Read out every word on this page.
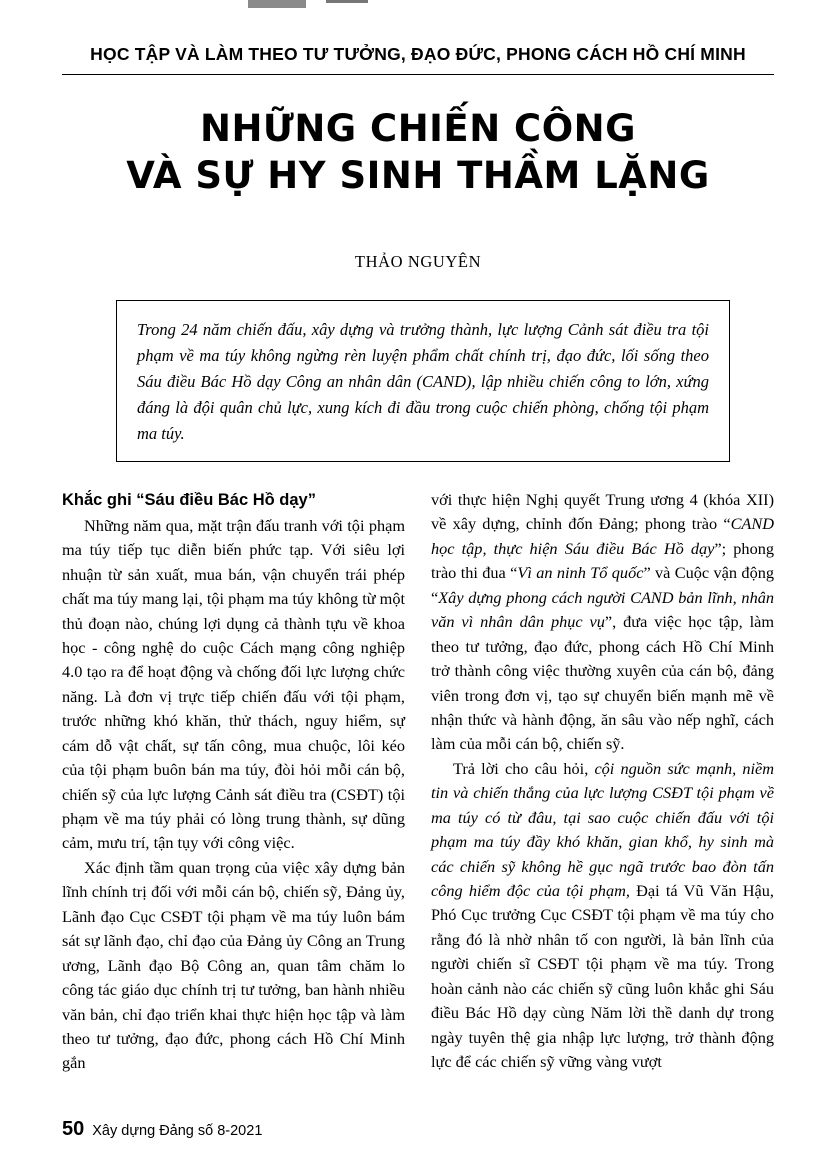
HỌC TẬP VÀ LÀM THEO TƯ TƯỞNG, ĐẠO ĐỨC, PHONG CÁCH HỒ CHÍ MINH
NHỮNG CHIẾN CÔNG
VÀ SỰ HY SINH THẦM LẶNG
THẢO NGUYÊN

Trong 24 năm chiến đấu, xây dựng và trưởng thành, lực lượng Cảnh sát điều tra tội phạm về ma túy không ngừng rèn luyện phẩm chất chính trị, đạo đức, lối sống theo Sáu điều Bác Hồ dạy Công an nhân dân (CAND), lập nhiều chiến công to lớn, xứng đáng là đội quân chủ lực, xung kích đi đầu trong cuộc chiến phòng, chống tội phạm ma túy.

Khắc ghi “Sáu điều Bác Hồ dạy”

Những năm qua, mặt trận đấu tranh với tội phạm ma túy tiếp tục diễn biến phức tạp. Với siêu lợi nhuận từ sản xuất, mua bán, vận chuyển trái phép chất ma túy mang lại, tội phạm ma túy không từ một thủ đoạn nào, chúng lợi dụng cả thành tựu về khoa học - công nghệ do cuộc Cách mạng công nghiệp 4.0 tạo ra để hoạt động và chống đối lực lượng chức năng. Là đơn vị trực tiếp chiến đấu với tội phạm, trước những khó khăn, thử thách, nguy hiểm, sự cám dỗ vật chất, sự tấn công, mua chuộc, lôi kéo của tội phạm buôn bán ma túy, đòi hỏi mỗi cán bộ, chiến sỹ của lực lượng Cảnh sát điều tra (CSĐT) tội phạm về ma túy phải có lòng trung thành, sự dũng cảm, mưu trí, tận tụy với công việc.

Xác định tầm quan trọng của việc xây dựng bản lĩnh chính trị đối với mỗi cán bộ, chiến sỹ, Đảng ủy, Lãnh đạo Cục CSĐT tội phạm về ma túy luôn bám sát sự lãnh đạo, chỉ đạo của Đảng ủy Công an Trung ương, Lãnh đạo Bộ Công an, quan tâm chăm lo công tác giáo dục chính trị tư tưởng, ban hành nhiều văn bản, chỉ đạo triển khai thực hiện học tập và làm theo tư tưởng, đạo đức, phong cách Hồ Chí Minh gắn

với thực hiện Nghị quyết Trung ương 4 (khóa XII) về xây dựng, chỉnh đốn Đảng; phong trào “CAND học tập, thực hiện Sáu điều Bác Hồ dạy”; phong trào thi đua “Vì an ninh Tổ quốc” và Cuộc vận động “Xây dựng phong cách người CAND bản lĩnh, nhân văn vì nhân dân phục vụ”, đưa việc học tập, làm theo tư tưởng, đạo đức, phong cách Hồ Chí Minh trở thành công việc thường xuyên của cán bộ, đảng viên trong đơn vị, tạo sự chuyển biến mạnh mẽ về nhận thức và hành động, ăn sâu vào nếp nghĩ, cách làm của mỗi cán bộ, chiến sỹ.

Trả lời cho câu hỏi, cội nguồn sức mạnh, niềm tin và chiến thắng của lực lượng CSĐT tội phạm về ma túy có từ đâu, tại sao cuộc chiến đấu với tội phạm ma túy đầy khó khăn, gian khổ, hy sinh mà các chiến sỹ không hề gục ngã trước bao đòn tấn công hiểm độc của tội phạm, Đại tá Vũ Văn Hậu, Phó Cục trưởng Cục CSĐT tội phạm về ma túy cho rằng đó là nhờ nhân tố con người, là bản lĩnh của người chiến sĩ CSĐT tội phạm về ma túy. Trong hoàn cảnh nào các chiến sỹ cũng luôn khắc ghi Sáu điều Bác Hồ dạy cùng Năm lời thề danh dự trong ngày tuyên thệ gia nhập lực lượng, trở thành động lực để các chiến sỹ vững vàng vượt

50 Xây dựng Đảng số 8-2021
